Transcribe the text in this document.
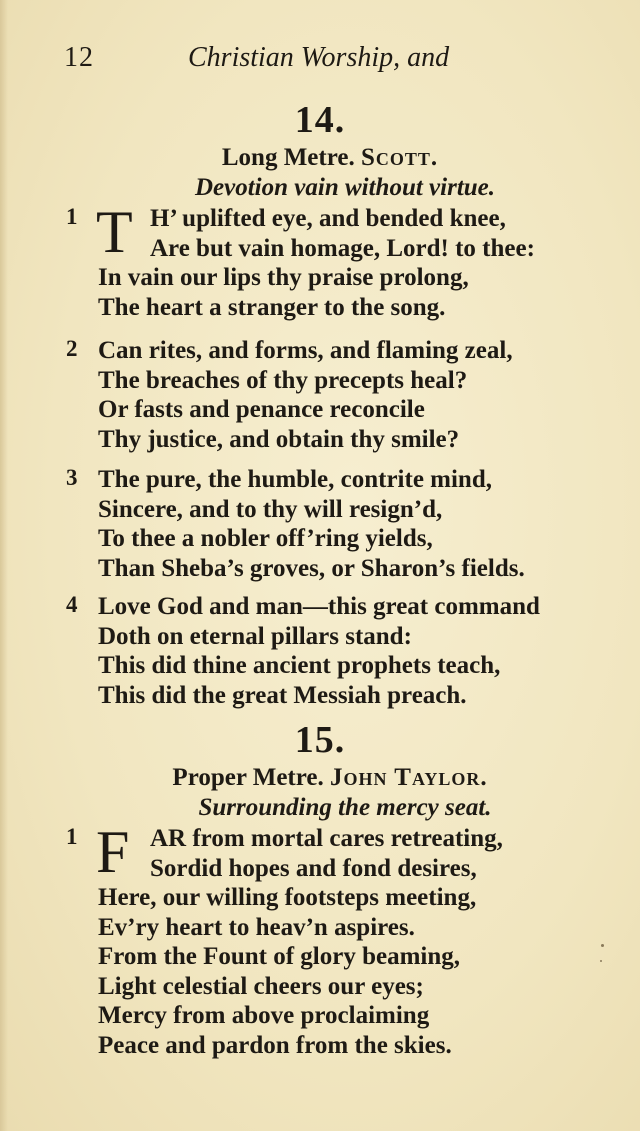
12	Christian Worship, and
14.
Long Metre. Scott.
Devotion vain without virtue.
1 T H’ uplifted eye, and bended knee,
Are but vain homage, Lord! to thee:
In vain our lips thy praise prolong,
The heart a stranger to the song.
2 Can rites, and forms, and flaming zeal,
The breaches of thy precepts heal?
Or fasts and penance reconcile
Thy justice, and obtain thy smile?
3 The pure, the humble, contrite mind,
Sincere, and to thy will resign’d,
To thee a nobler off’ring yields,
Than Sheba’s groves, or Sharon’s fields.
4 Love God and man—this great command
Doth on eternal pillars stand:
This did thine ancient prophets teach,
This did the great Messiah preach.
15.
Proper Metre. John Taylor.
Surrounding the mercy seat.
1 F AR from mortal cares retreating,
Sordid hopes and fond desires,
Here, our willing footsteps meeting,
Ev’ry heart to heav’n aspires.
From the Fount of glory beaming,
Light celestial cheers our eyes;
Mercy from above proclaiming
Peace and pardon from the skies.
